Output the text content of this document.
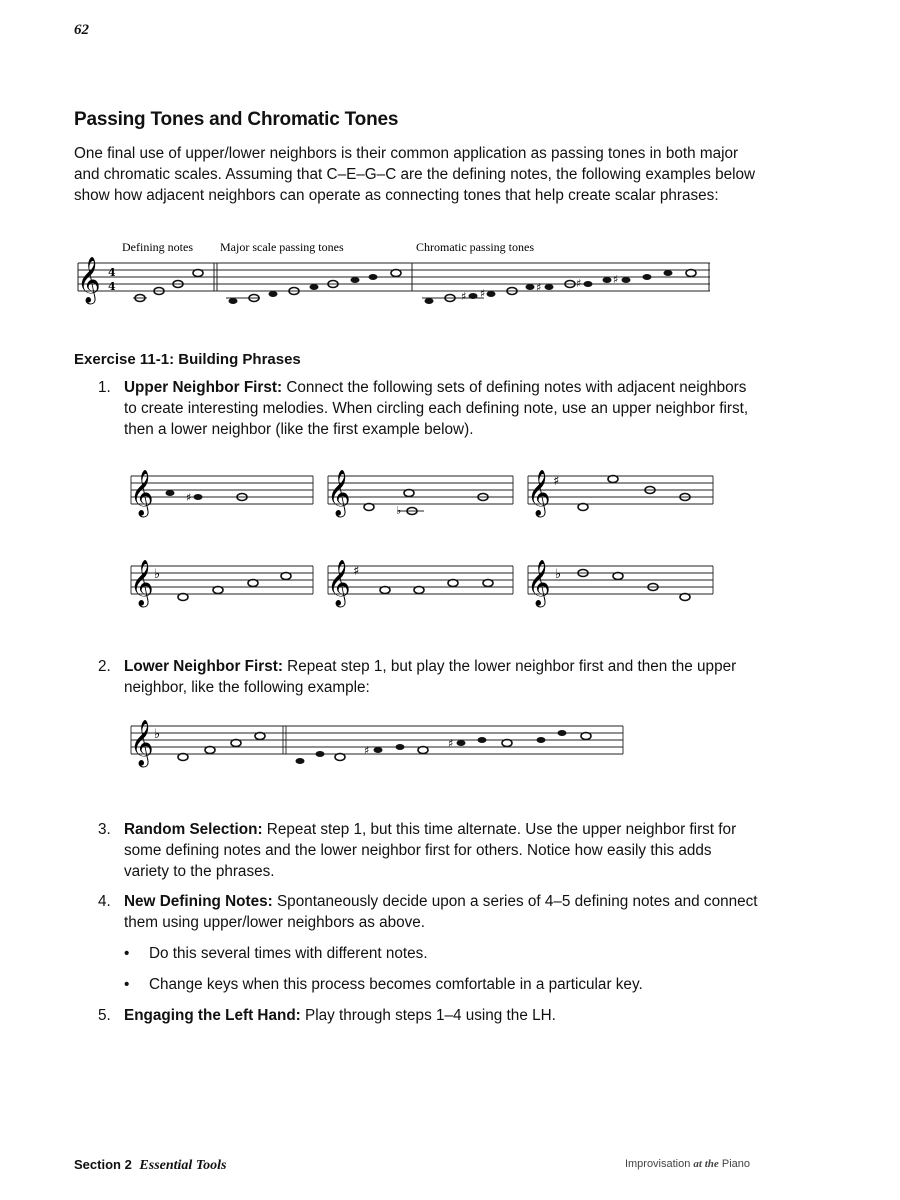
62
Passing Tones and Chromatic Tones

One final use of upper/lower neighbors is their common application as passing tones in both major and chromatic scales. Assuming that C–E–G–C are the defining notes, the following examples below show how adjacent neighbors can operate as connecting tones that help create scalar phrases:

Defining notes Major scale passing tones	Chromatic passing tones
𝄞 4
4
♯ ♯	♯	♯	♯
Exercise 11-1: Building Phrases
1. Upper Neighbor First: Connect the following sets of defining notes with adjacent neighbors to create interesting melodies. When circling each defining note, use an upper neighbor first, then a lower neighbor (like the first example below).
𝄞	𝄞	𝄞 ♯
♯
♭
𝄞	𝄞	𝄞
♭	♯	♭
2. Lower Neighbor First: Repeat step 1, but play the lower neighbor first and then the upper neighbor, like the following example:
𝄞 ♭
♯
♯
3. Random Selection: Repeat step 1, but this time alternate. Use the upper neighbor first for some defining notes and the lower neighbor first for others. Notice how easily this adds variety to the phrases.
4. New Defining Notes: Spontaneously decide upon a series of 4–5 defining notes and connect them using upper/lower neighbors as above.
• Do this several times with different notes.
• Change keys when this process becomes comfortable in a particular key.
5. Engaging the Left Hand: Play through steps 1–4 using the LH.
Section 2 Essential Tools	Improvisation at the Piano
